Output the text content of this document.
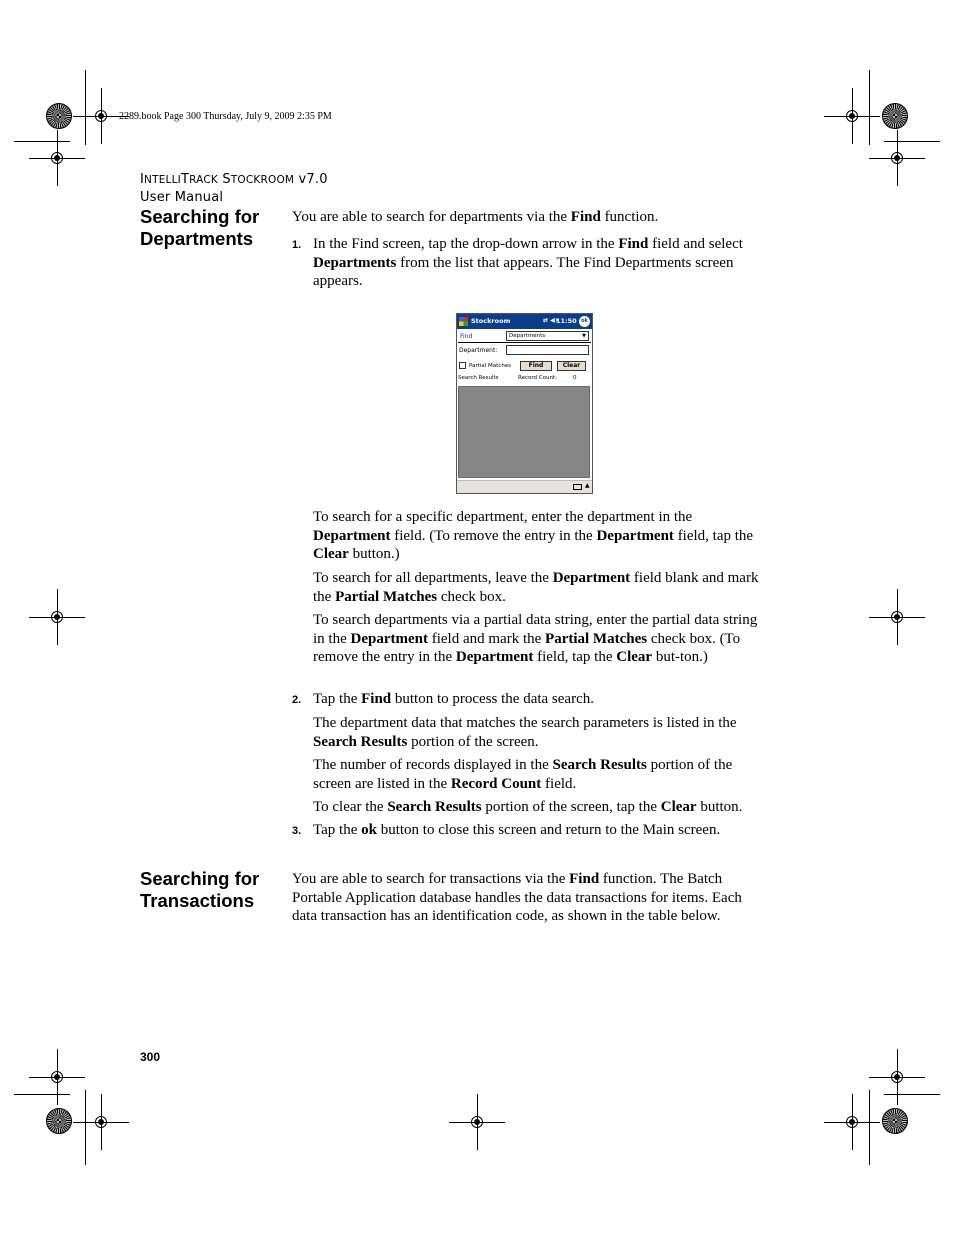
2289.book Page 300 Thursday, July 9, 2009 2:35 PM
INTELLITRACK STOCKROOM v7.0
User Manual
Searching for
Departments
You are able to search for departments via the Find function.
1. In the Find screen, tap the drop-down arrow in the Find field and select Departments from the list that appears. The Find Departments screen appears.
Stockroom	⇄ ◀×
11:50 ok
Find	Departments	▼
Department:
Partial Matches	Find	Clear
Search Results	Record Count:	0
▲
To search for a specific department, enter the department in the Department field. (To remove the entry in the Department field, tap the Clear button.)
To search for all departments, leave the Department field blank and mark the Partial Matches check box.
To search departments via a partial data string, enter the partial data string in the Department field and mark the Partial Matches check box. (To remove the entry in the Department field, tap the Clear but-ton.)
2. Tap the Find button to process the data search.
The department data that matches the search parameters is listed in the Search Results portion of the screen.
The number of records displayed in the Search Results portion of the screen are listed in the Record Count field.
To clear the Search Results portion of the screen, tap the Clear button.
3. Tap the ok button to close this screen and return to the Main screen.
Searching for
Transactions
You are able to search for transactions via the Find function. The Batch Portable Application database handles the data transactions for items. Each data transaction has an identification code, as shown in the table below.
300
